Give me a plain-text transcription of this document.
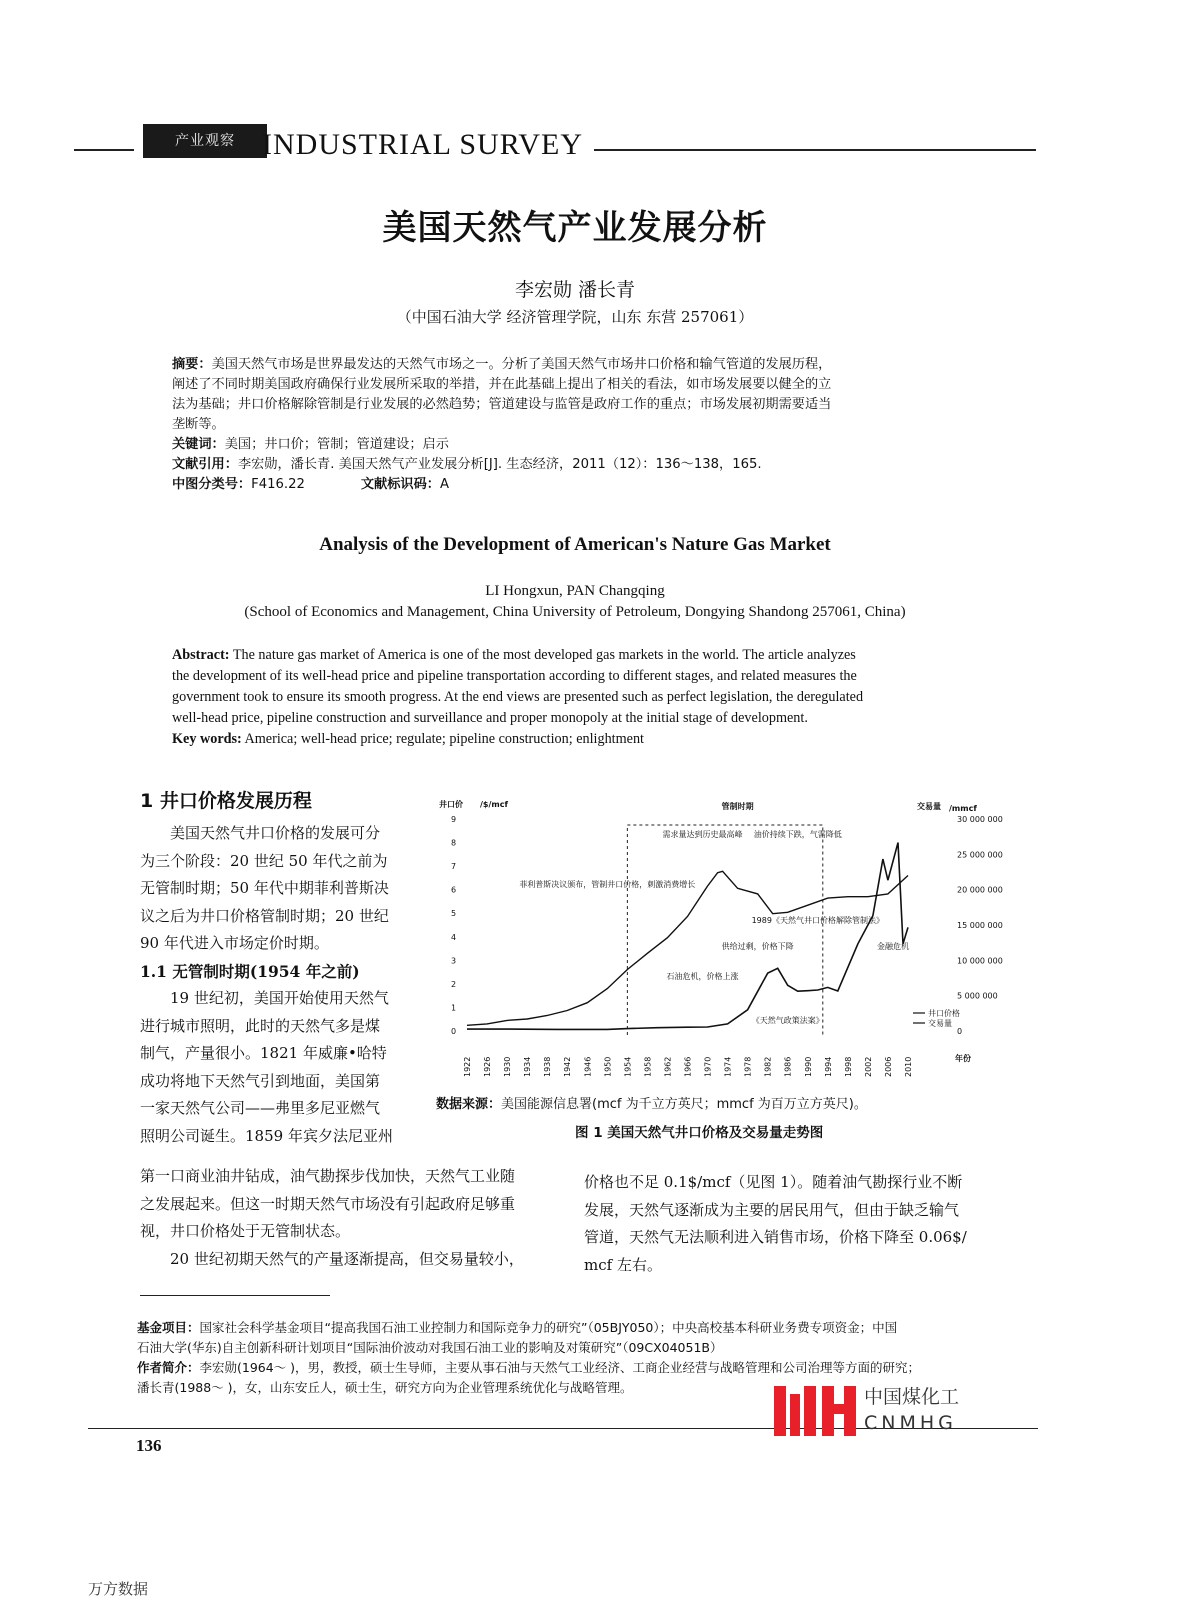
产业观察 INDUSTRIAL SURVEY
美国天然气产业发展分析
李宏勋 潘长青
（中国石油大学 经济管理学院，山东 东营 257061）
摘要：美国天然气市场是世界最发达的天然气市场之一。分析了美国天然气市场井口价格和输气管道的发展历程，
阐述了不同时期美国政府确保行业发展所采取的举措，并在此基础上提出了相关的看法，如市场发展要以健全的立
法为基础；井口价格解除管制是行业发展的必然趋势；管道建设与监管是政府工作的重点；市场发展初期需要适当
垄断等。
关键词：美国；井口价；管制；管道建设；启示
文献引用：李宏勋，潘长青. 美国天然气产业发展分析[J]. 生态经济，2011（12）：136～138，165.
中图分类号：F416.22	文献标识码：A
Analysis of the Development of American's Nature Gas Market
LI Hongxun, PAN Changqing
(School of Economics and Management, China University of Petroleum, Dongying Shandong 257061, China)
Abstract: The nature gas market of America is one of the most developed gas markets in the world. The article analyzes
the development of its well-head price and pipeline transportation according to different stages, and related measures the
government took to ensure its smooth progress. At the end views are presented such as perfect legislation, the deregulated
well-head price, pipeline construction and surveillance and proper monopoly at the initial stage of development.
Key words: America; well-head price; regulate; pipeline construction; enlightment
1 井口价格发展历程

美国天然气井口价格的发展可分

为三个阶段：20 世纪 50 年代之前为

无管制时期；50 年代中期菲利普斯决

议之后为井口价格管制时期；20 世纪

90 年代进入市场定价时期。

1.1 无管制时期(1954 年之前)

19 世纪初，美国开始使用天然气

进行城市照明，此时的天然气多是煤

制气，产量很小。1821 年威廉•哈特

成功将地下天然气引到地面，美国第

一家天然气公司——弗里多尼亚燃气

照明公司诞生。1859 年宾夕法尼亚州

井口价 /$/mcf	交易量 /mmcf
管制时期
0
1
2
3
4
5
6
7
8
9
0
5 000 000
10 000 000
15 000 000
20 000 000
25 000 000
30 000 000
1922 1926 1930 1934 1938 1942 1946 1950 1954 1958 1962 1966 1970 1974 1978 1982 1986 1990 1994 1998 2002 2006 2010	年份
菲利普斯决议颁布，管制井口价格，刺激消费增长
需求量达到历史最高峰 油价持续下跌，气需降低
1989《天然气井口价格解除管制法》
供给过剩，价格下降
石油危机，价格上涨
《天然气政策法案》
金融危机
井口价格
交易量
数据来源：美国能源信息署(mcf 为千立方英尺；mmcf 为百万立方英尺)。
图 1 美国天然气井口价格及交易量走势图

第一口商业油井钻成，油气勘探步伐加快，天然气工业随

之发展起来。但这一时期天然气市场没有引起政府足够重

视，井口价格处于无管制状态。

20 世纪初期天然气的产量逐渐提高，但交易量较小，

价格也不足 0.1$/mcf（见图 1）。随着油气勘探行业不断

发展，天然气逐渐成为主要的居民用气，但由于缺乏输气

管道，天然气无法顺利进入销售市场，价格下降至 0.06$/

mcf 左右。

基金项目：国家社会科学基金项目“提高我国石油工业控制力和国际竞争力的研究”（05BJY050）；中央高校基本科研业务费专项资金；中国
石油大学(华东)自主创新科研计划项目“国际油价波动对我国石油工业的影响及对策研究”（09CX04051B）
作者简介：李宏勋(1964～ )，男，教授，硕士生导师，主要从事石油与天然气工业经济、工商企业经营与战略管理和公司治理等方面的研究；
潘长青(1988～ )，女，山东安丘人，硕士生，研究方向为企业管理系统优化与战略管理。
136
中国煤化工
CNMHG
万方数据
